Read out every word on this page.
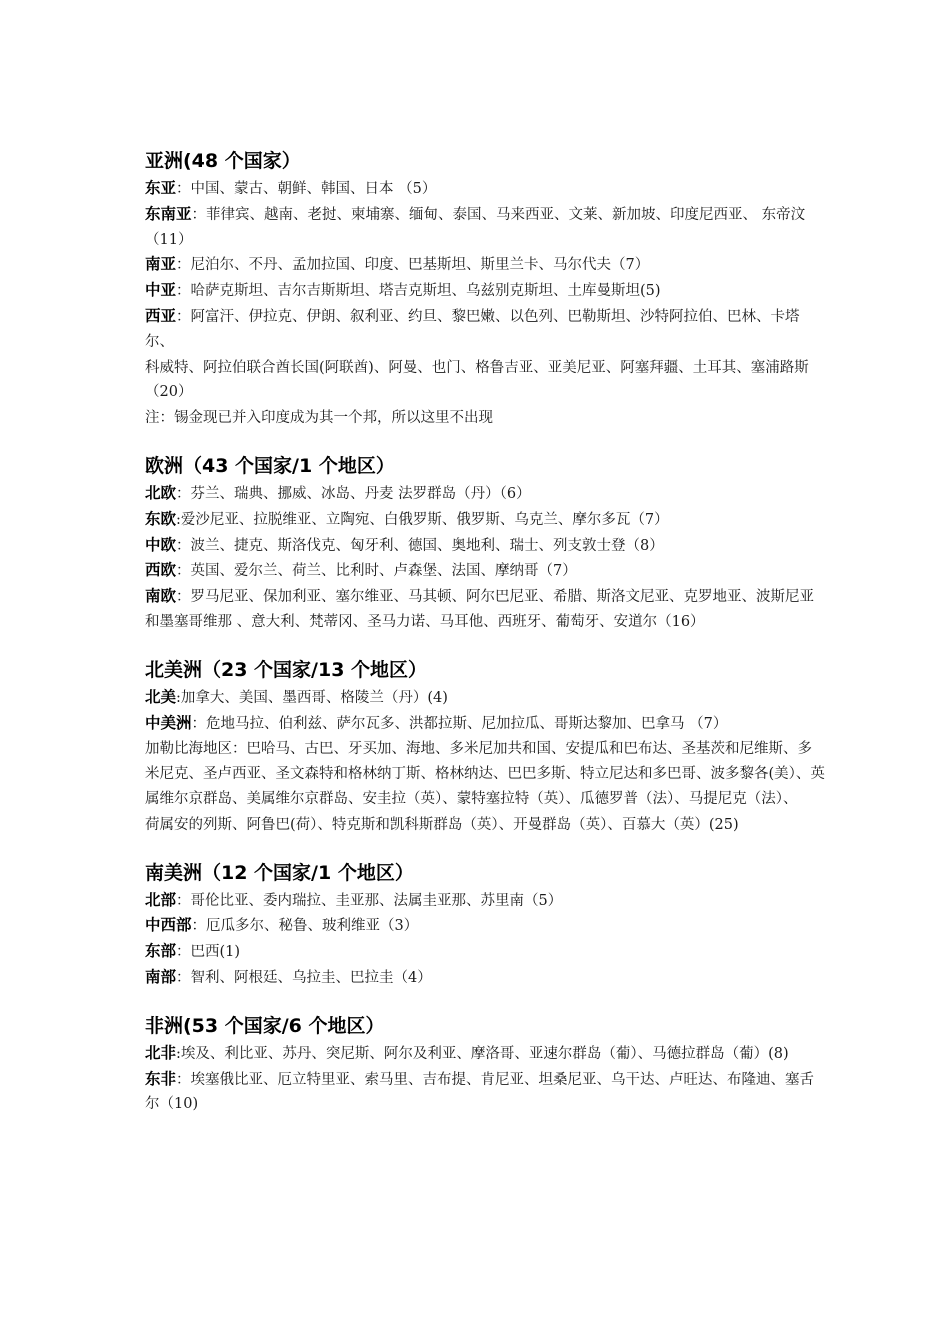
亚洲(48 个国家）

东亚：中国、蒙古、朝鲜、韩国、日本 （5）

东南亚：菲律宾、越南、老挝、柬埔寨、缅甸、泰国、马来西亚、文莱、新加坡、印度尼西亚、 东帝汶 （11）

南亚：尼泊尔、不丹、孟加拉国、印度、巴基斯坦、斯里兰卡、马尔代夫（7）

中亚：哈萨克斯坦、吉尔吉斯斯坦、塔吉克斯坦、乌兹别克斯坦、土库曼斯坦(5)

西亚：阿富汗、伊拉克、伊朗、叙利亚、约旦、黎巴嫩、以色列、巴勒斯坦、沙特阿拉伯、巴林、卡塔尔、

科威特、阿拉伯联合酋长国(阿联酋)、阿曼、也门、格鲁吉亚、亚美尼亚、阿塞拜疆、土耳其、塞浦路斯（20）

注：锡金现已并入印度成为其一个邦，所以这里不出现

欧洲（43 个国家/1 个地区）

北欧：芬兰、瑞典、挪威、冰岛、丹麦 法罗群岛（丹）（6）

东欧:爱沙尼亚、拉脱维亚、立陶宛、白俄罗斯、俄罗斯、乌克兰、摩尔多瓦（7）

中欧：波兰、捷克、斯洛伐克、匈牙利、德国、奥地利、瑞士、列支敦士登（8）

西欧：英国、爱尔兰、荷兰、比利时、卢森堡、法国、摩纳哥（7）

南欧：罗马尼亚、保加利亚、塞尔维亚、马其顿、阿尔巴尼亚、希腊、斯洛文尼亚、克罗地亚、波斯尼亚和墨塞哥维那 、意大利、梵蒂冈、圣马力诺、马耳他、西班牙、葡萄牙、安道尔（16）

北美洲（23 个国家/13 个地区）

北美:加拿大、美国、墨西哥、格陵兰（丹）(4)

中美洲：危地马拉、伯利兹、萨尔瓦多、洪都拉斯、尼加拉瓜、哥斯达黎加、巴拿马 （7）

加勒比海地区：巴哈马、古巴、牙买加、海地、多米尼加共和国、安提瓜和巴布达、圣基茨和尼维斯、多米尼克、圣卢西亚、圣文森特和格林纳丁斯、格林纳达、巴巴多斯、特立尼达和多巴哥、波多黎各(美）、英属维尔京群岛、美属维尔京群岛、安圭拉（英）、蒙特塞拉特（英）、瓜德罗普（法）、马提尼克（法）、

荷属安的列斯、阿鲁巴(荷）、特克斯和凯科斯群岛（英）、开曼群岛（英）、百慕大（英）(25)

南美洲（12 个国家/1 个地区）

北部：哥伦比亚、委内瑞拉、圭亚那、法属圭亚那、苏里南（5）

中西部：厄瓜多尔、秘鲁、玻利维亚（3）

东部：巴西(1)

南部：智利、阿根廷、乌拉圭、巴拉圭（4）

非洲(53 个国家/6 个地区）

北非:埃及、利比亚、苏丹、突尼斯、阿尔及利亚、摩洛哥、亚速尔群岛（葡）、马德拉群岛（葡）(8)

东非：埃塞俄比亚、厄立特里亚、索马里、吉布提、肯尼亚、坦桑尼亚、乌干达、卢旺达、布隆迪、塞舌尔（10)
